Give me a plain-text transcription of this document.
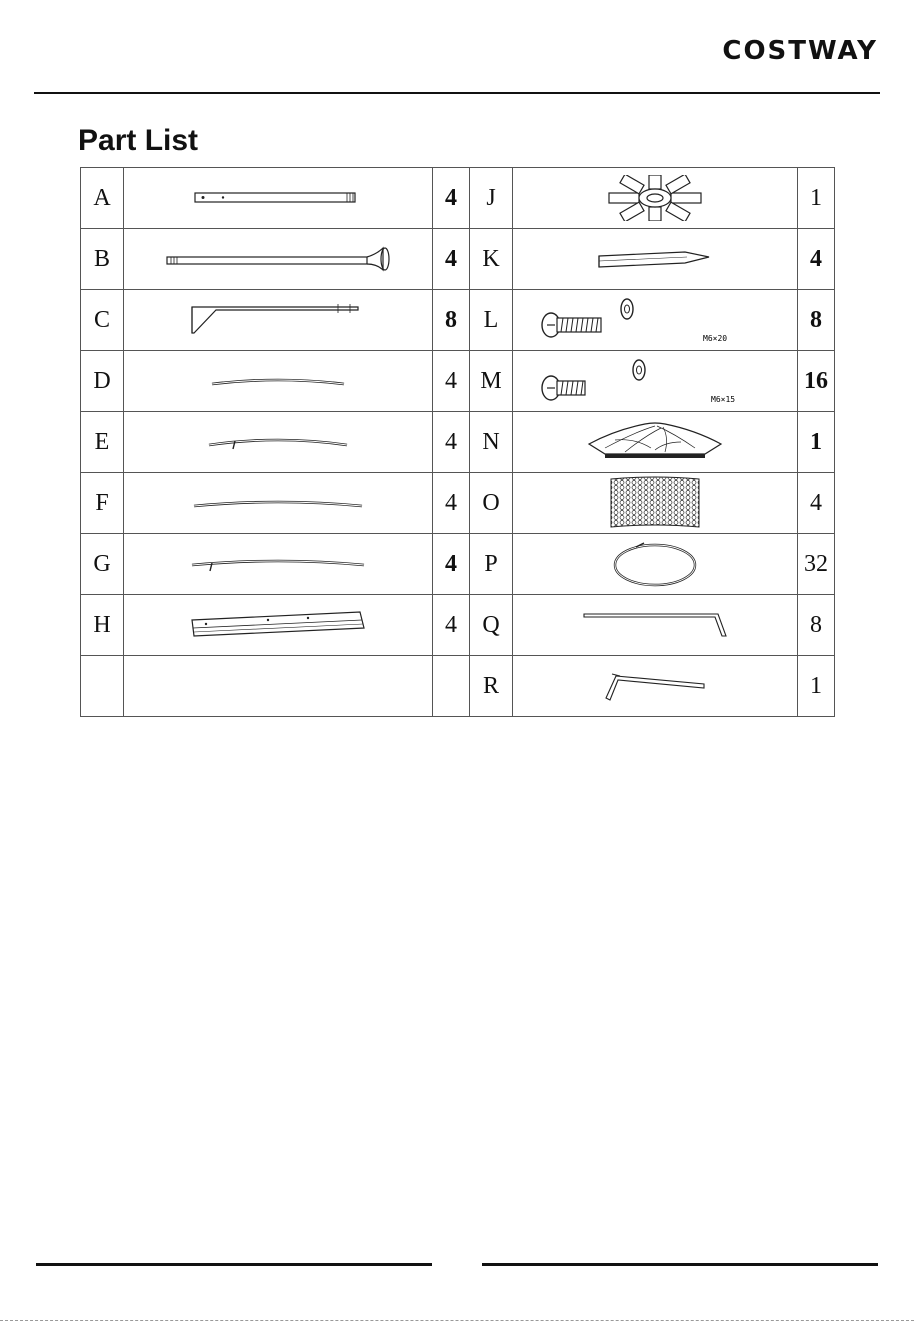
COSTWAY
Part List
A		4	J		1
B		4	K		4
C		8	L	M6×20	8
D		4	M	M6×15	16
E		4	N		1
F		4	O		4
G		4	P		32
H		4	Q		8
			R		1
